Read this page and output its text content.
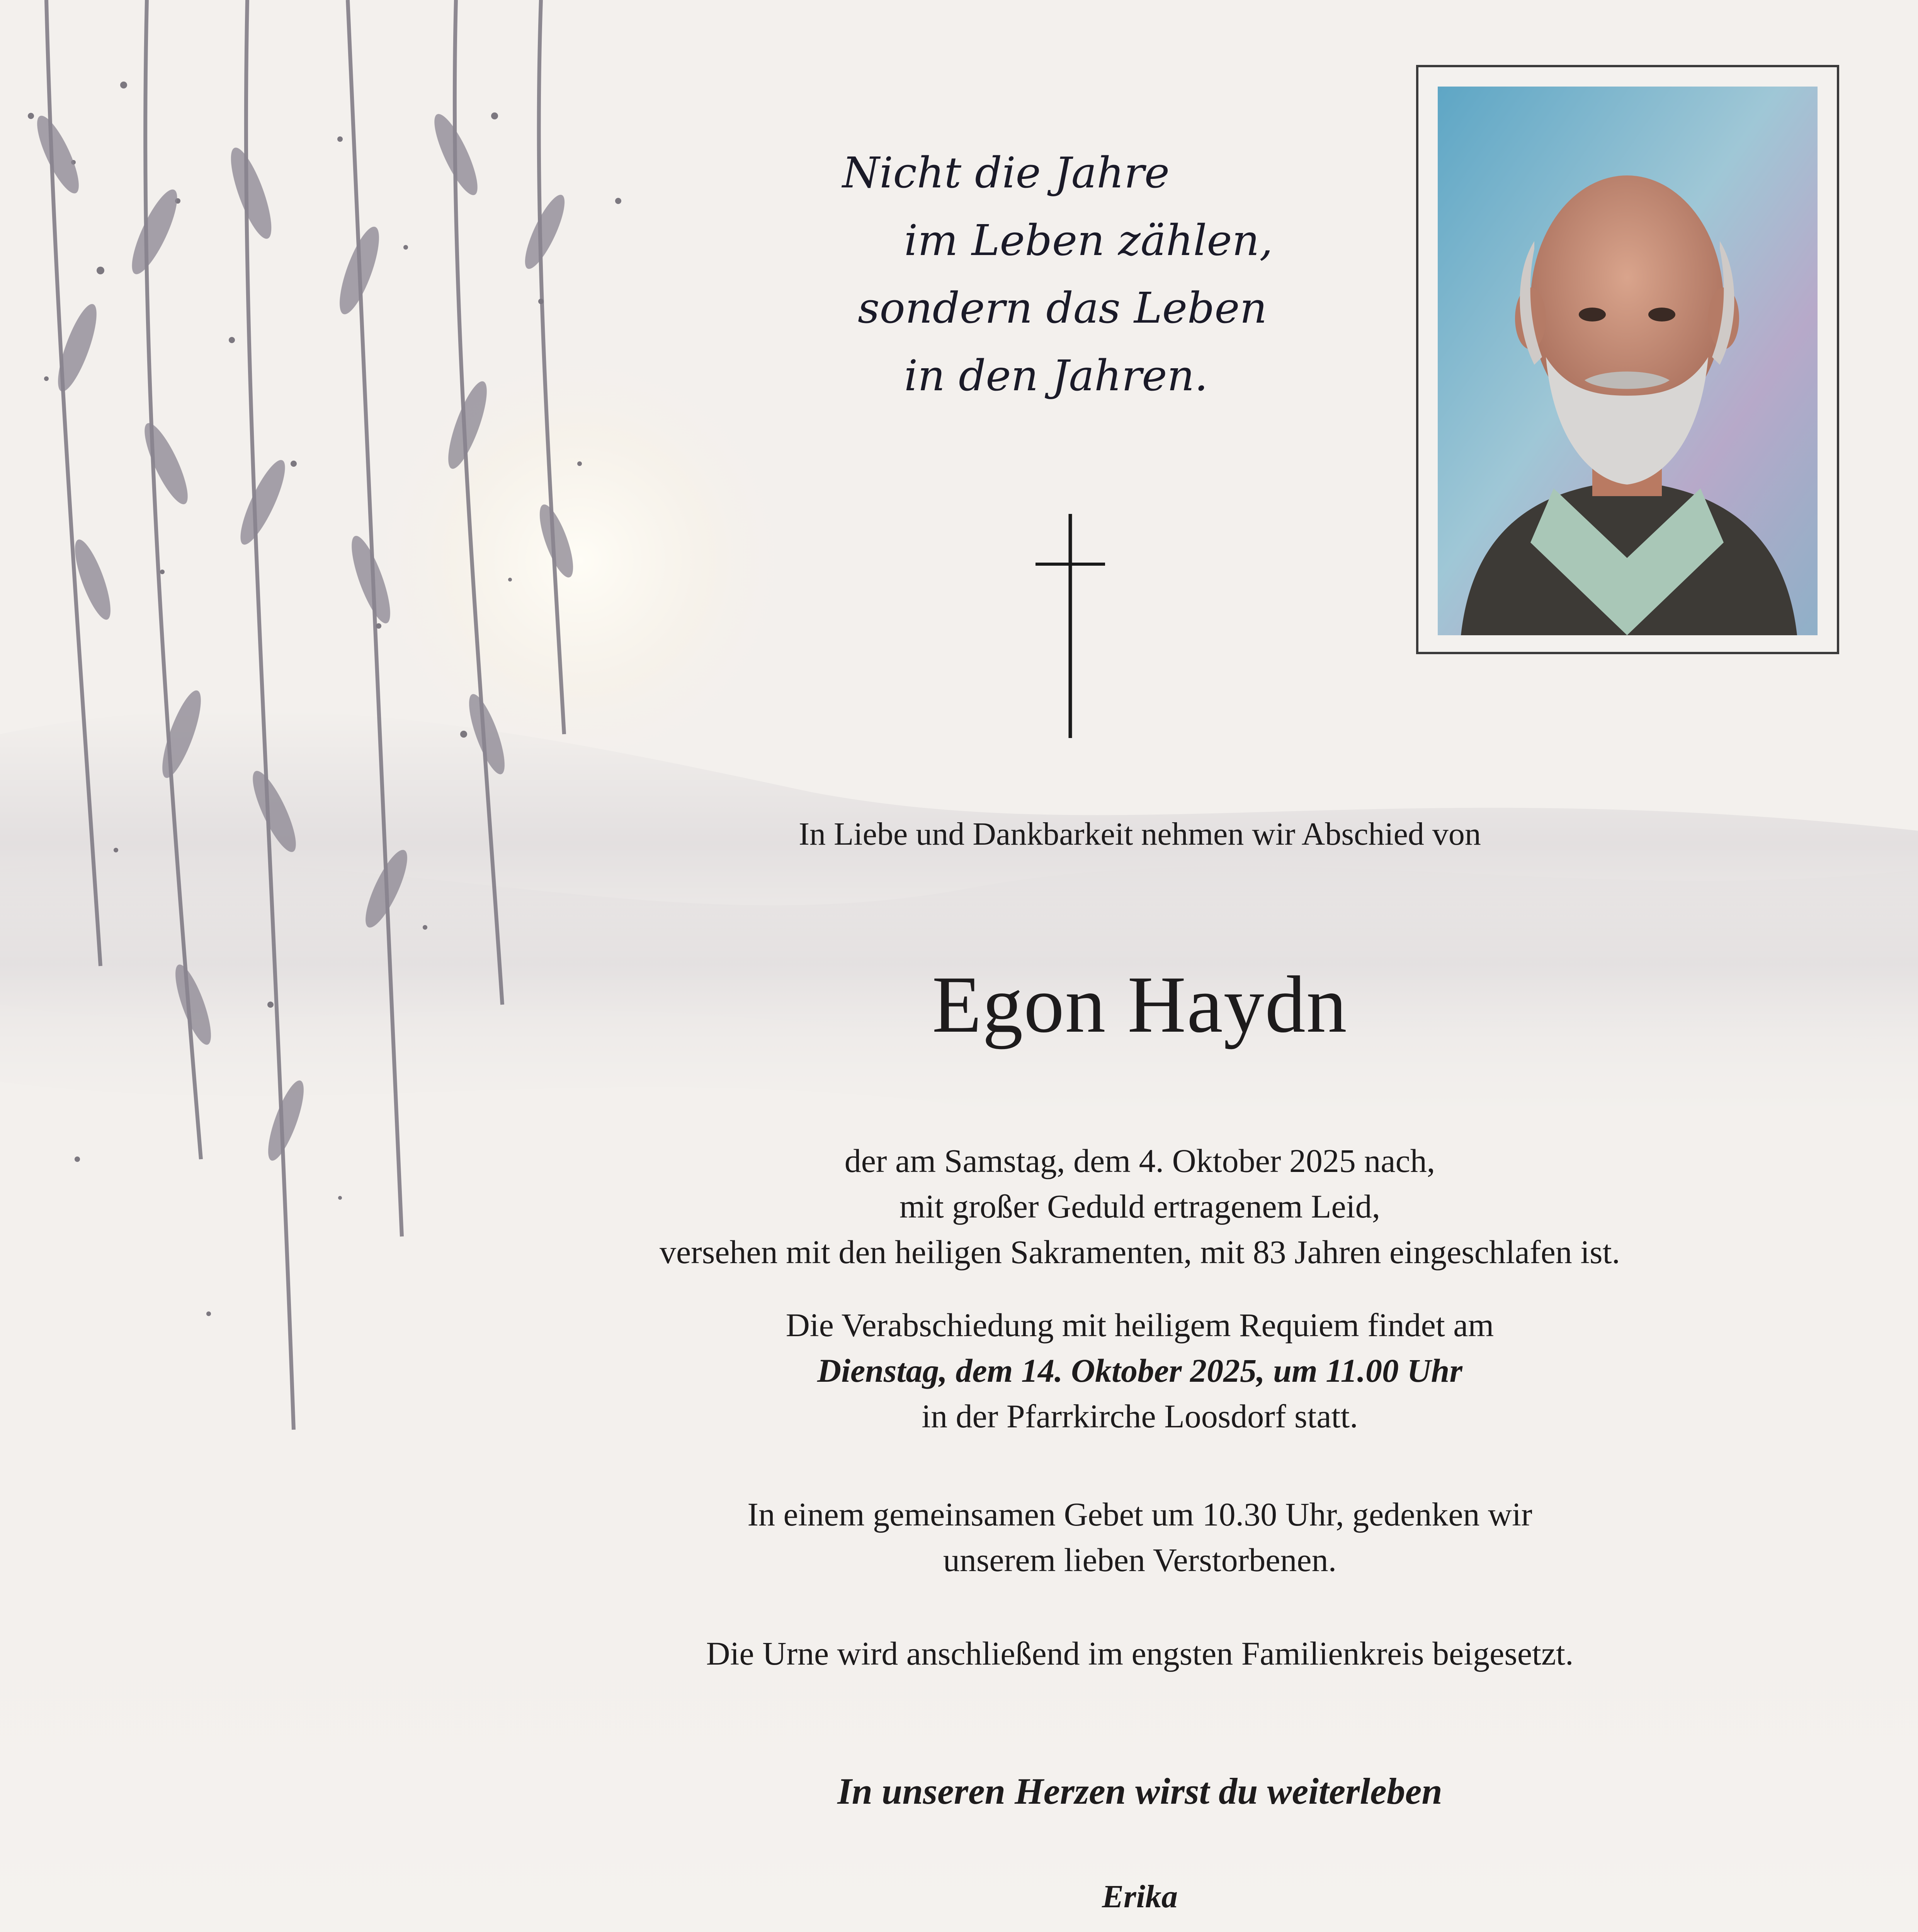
Nicht die Jahre
im Leben zählen,
sondern das Leben
in den Jahren.
In Liebe und Dankbarkeit nehmen wir Abschied von
Egon Haydn
der am Samstag, dem 4. Oktober 2025 nach,
mit großer Geduld ertragenem Leid,
versehen mit den heiligen Sakramenten, mit 83 Jahren eingeschlafen ist.
Die Verabschiedung mit heiligem Requiem findet am
Dienstag, dem 14. Oktober 2025, um 11.00 Uhr
in der Pfarrkirche Loosdorf statt.
In einem gemeinsamen Gebet um 10.30 Uhr, gedenken wir
unserem lieben Verstorbenen.
Die Urne wird anschließend im engsten Familienkreis beigesetzt.
In unseren Herzen wirst du weiterleben
Erika
